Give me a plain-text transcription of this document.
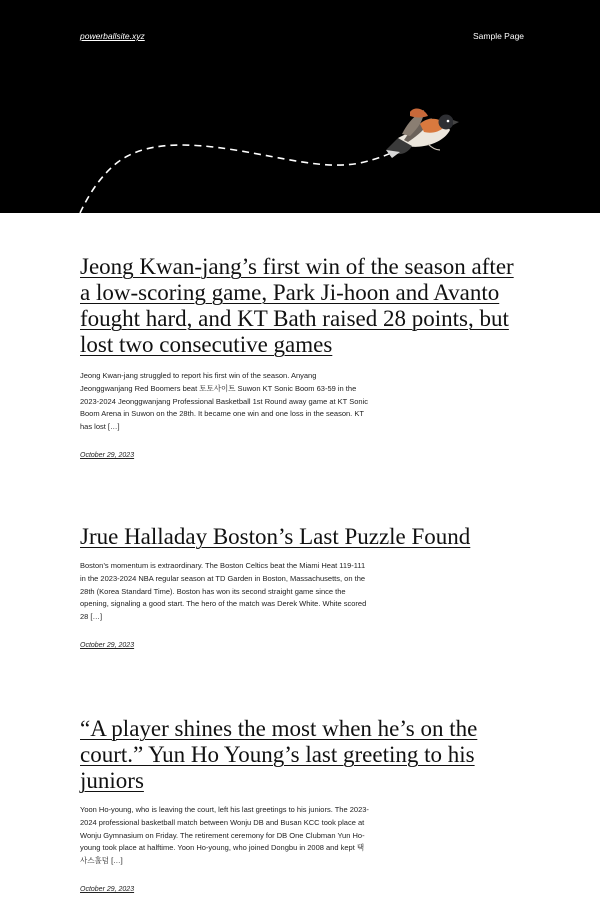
powerballsite.xyz	Sample Page
Jeong Kwan-jang’s first win of the season after a low-scoring game, Park Ji-hoon and Avanto fought hard, and KT Bath raised 28 points, but lost two consecutive games

Jeong Kwan-jang struggled to report his first win of the season. Anyang Jeonggwanjang Red Boomers beat 토토사이트 Suwon KT Sonic Boom 63-59 in the 2023-2024 Jeonggwanjang Professional Basketball 1st Round away game at KT Sonic Boom Arena in Suwon on the 28th. It became one win and one loss in the season. KT has lost […]

October 29, 2023
Jrue Halladay Boston’s Last Puzzle Found

Boston’s momentum is extraordinary. The Boston Celtics beat the Miami Heat 119-111 in the 2023-2024 NBA regular season at TD Garden in Boston, Massachusetts, on the 28th (Korea Standard Time). Boston has won its second straight game since the opening, signaling a good start. The hero of the match was Derek White. White scored 28 […]

October 29, 2023
“A player shines the most when he’s on the court.” Yun Ho Young’s last greeting to his juniors

Yoon Ho-young, who is leaving the court, left his last greetings to his juniors. The 2023-2024 professional basketball match between Wonju DB and Busan KCC took place at Wonju Gymnasium on Friday. The retirement ceremony for DB One Clubman Yun Ho-young took place at halftime. Yoon Ho-young, who joined Dongbu in 2008 and kept 택사스홀덤 […]

October 29, 2023
